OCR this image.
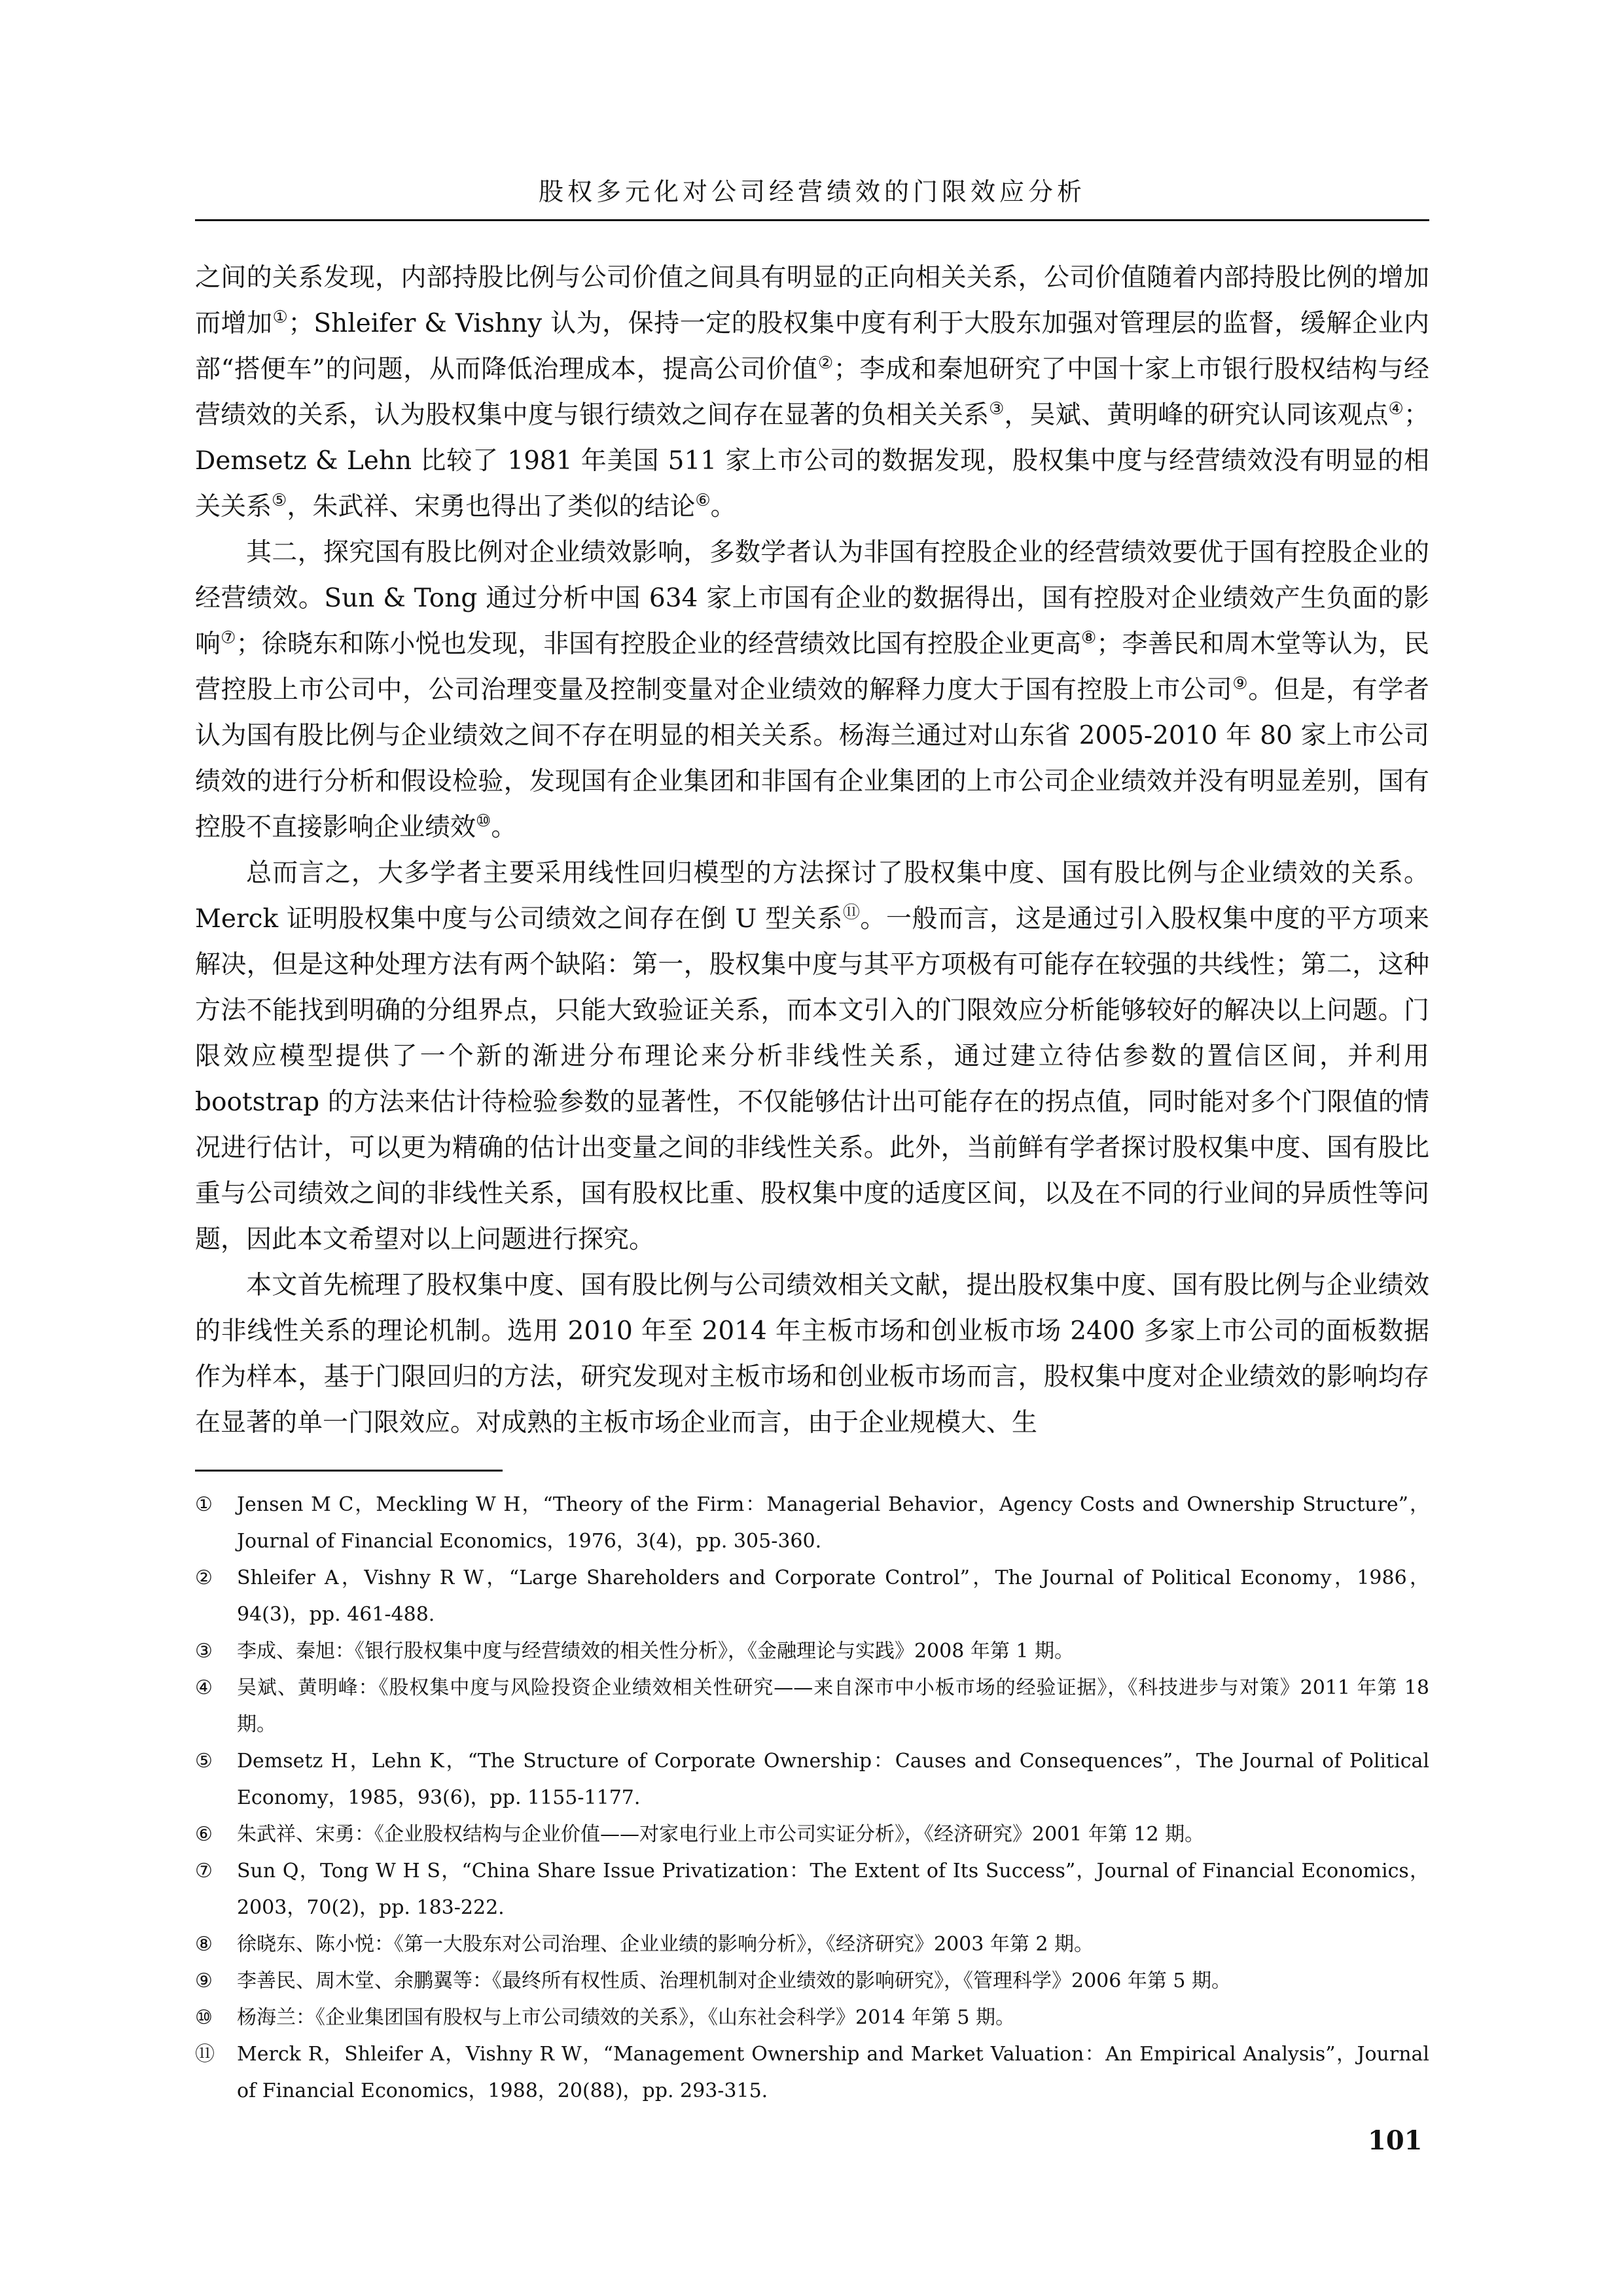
股权多元化对公司经营绩效的门限效应分析

之间的关系发现，内部持股比例与公司价值之间具有明显的正向相关关系，公司价值随着内部持股比例的增加而增加①；Shleifer & Vishny 认为，保持一定的股权集中度有利于大股东加强对管理层的监督，缓解企业内部“搭便车”的问题，从而降低治理成本，提高公司价值②；李成和秦旭研究了中国十家上市银行股权结构与经营绩效的关系，认为股权集中度与银行绩效之间存在显著的负相关关系③，吴斌、黄明峰的研究认同该观点④；Demsetz & Lehn 比较了 1981 年美国 511 家上市公司的数据发现，股权集中度与经营绩效没有明显的相关关系⑤，朱武祥、宋勇也得出了类似的结论⑥。

其二，探究国有股比例对企业绩效影响，多数学者认为非国有控股企业的经营绩效要优于国有控股企业的经营绩效。Sun & Tong 通过分析中国 634 家上市国有企业的数据得出，国有控股对企业绩效产生负面的影响⑦；徐晓东和陈小悦也发现，非国有控股企业的经营绩效比国有控股企业更高⑧；李善民和周木堂等认为，民营控股上市公司中，公司治理变量及控制变量对企业绩效的解释力度大于国有控股上市公司⑨。但是，有学者认为国有股比例与企业绩效之间不存在明显的相关关系。杨海兰通过对山东省 2005-2010 年 80 家上市公司绩效的进行分析和假设检验，发现国有企业集团和非国有企业集团的上市公司企业绩效并没有明显差别，国有控股不直接影响企业绩效⑩。

总而言之，大多学者主要采用线性回归模型的方法探讨了股权集中度、国有股比例与企业绩效的关系。Merck 证明股权集中度与公司绩效之间存在倒 U 型关系⑪。一般而言，这是通过引入股权集中度的平方项来解决，但是这种处理方法有两个缺陷：第一，股权集中度与其平方项极有可能存在较强的共线性；第二，这种方法不能找到明确的分组界点，只能大致验证关系，而本文引入的门限效应分析能够较好的解决以上问题。门限效应模型提供了一个新的渐进分布理论来分析非线性关系，通过建立待估参数的置信区间，并利用 bootstrap 的方法来估计待检验参数的显著性，不仅能够估计出可能存在的拐点值，同时能对多个门限值的情况进行估计，可以更为精确的估计出变量之间的非线性关系。此外，当前鲜有学者探讨股权集中度、国有股比重与公司绩效之间的非线性关系，国有股权比重、股权集中度的适度区间，以及在不同的行业间的异质性等问题，因此本文希望对以上问题进行探究。

本文首先梳理了股权集中度、国有股比例与公司绩效相关文献，提出股权集中度、国有股比例与企业绩效的非线性关系的理论机制。选用 2010 年至 2014 年主板市场和创业板市场 2400 多家上市公司的面板数据作为样本，基于门限回归的方法，研究发现对主板市场和创业板市场而言，股权集中度对企业绩效的影响均存在显著的单一门限效应。对成熟的主板市场企业而言，由于企业规模大、生

① Jensen M C，Meckling W H，“Theory of the Firm：Managerial Behavior，Agency Costs and Ownership Structure”，Journal of Financial Economics，1976，3(4)，pp. 305-360.
② Shleifer A，Vishny R W，“Large Shareholders and Corporate Control”，The Journal of Political Economy，1986，94(3)，pp. 461-488.
③ 李成、秦旭：《银行股权集中度与经营绩效的相关性分析》，《金融理论与实践》2008 年第 1 期。
④ 吴斌、黄明峰：《股权集中度与风险投资企业绩效相关性研究——来自深市中小板市场的经验证据》，《科技进步与对策》2011 年第 18 期。
⑤ Demsetz H，Lehn K，“The Structure of Corporate Ownership：Causes and Consequences”，The Journal of Political Economy，1985，93(6)，pp. 1155-1177.
⑥ 朱武祥、宋勇：《企业股权结构与企业价值——对家电行业上市公司实证分析》，《经济研究》2001 年第 12 期。
⑦ Sun Q，Tong W H S，“China Share Issue Privatization：The Extent of Its Success”，Journal of Financial Economics，2003，70(2)，pp. 183-222.
⑧ 徐晓东、陈小悦：《第一大股东对公司治理、企业业绩的影响分析》，《经济研究》2003 年第 2 期。
⑨ 李善民、周木堂、余鹏翼等：《最终所有权性质、治理机制对企业绩效的影响研究》，《管理科学》2006 年第 5 期。
⑩ 杨海兰：《企业集团国有股权与上市公司绩效的关系》，《山东社会科学》2014 年第 5 期。
⑪ Merck R，Shleifer A，Vishny R W，“Management Ownership and Market Valuation：An Empirical Analysis”，Journal of Financial Economics，1988，20(88)，pp. 293-315.
101
